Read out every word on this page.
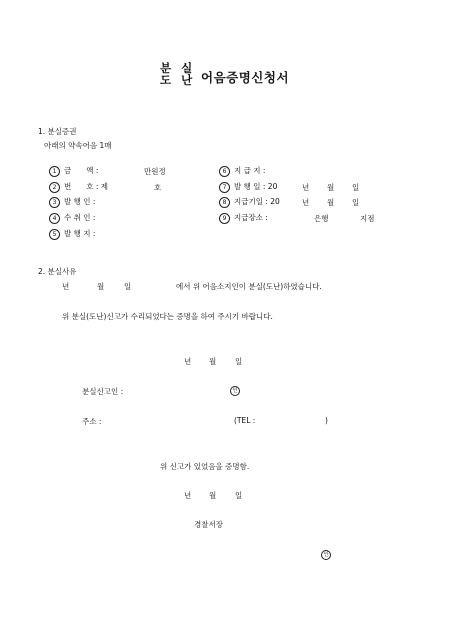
분 실
도 난 어음증명신청서
1. 분실증권
아래의 약속어음 1매
1 금　　액 :	만원정
2 번　　호 : 제	호
3 발 행 인 :
4 수 취 인 :
5 발 행 지 :
6 지 급 지 :
7 발 행 일 : 20	년 월 일
8 지급기일 : 20	년 월 일
9 지급장소 :	은행	지점
2. 분실사유
년	월	일	에서 위 어음소지인이 분실(도난)하였습니다.
위 분실(도난)신고가 수리되었다는 증명을 하여 주시기 바랍니다.
년 월	일
분실신고인 :	인
주소 :	(TEL :	)
위 신고가 있었음을 증명함.
년 월	일
경찰서장
인
